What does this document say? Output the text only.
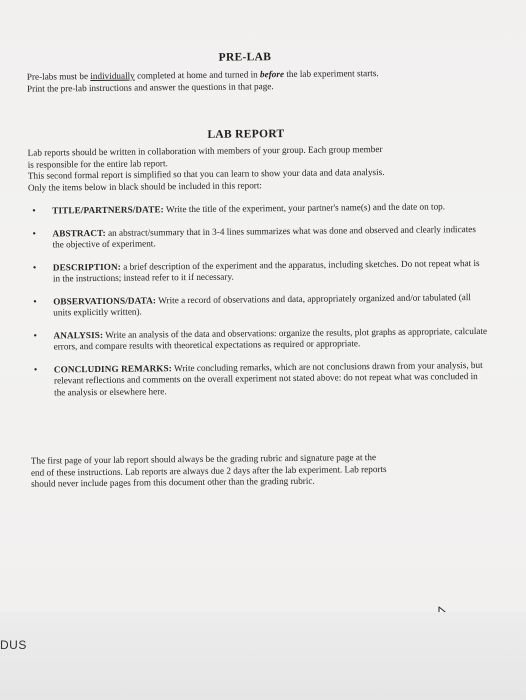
PRE-LAB
Pre-labs must be individually completed at home and turned in before the lab experiment starts.
Print the pre-lab instructions and answer the questions in that page.
LAB REPORT
Lab reports should be written in collaboration with members of your group. Each group member
is responsible for the entire lab report.
This second formal report is simplified so that you can learn to show your data and data analysis.
Only the items below in black should be included in this report:
• TITLE/PARTNERS/DATE: Write the title of the experiment, your partner's name(s) and the date on top.
• ABSTRACT: an abstract/summary that in 3-4 lines summarizes what was done and observed and clearly indicates the objective of experiment.
• DESCRIPTION: a brief description of the experiment and the apparatus, including sketches. Do not repeat what is in the instructions; instead refer to it if necessary.
• OBSERVATIONS/DATA: Write a record of observations and data, appropriately organized and/or tabulated (all units explicitly written).
• ANALYSIS: Write an analysis of the data and observations: organize the results, plot graphs as appropriate, calculate errors, and compare results with theoretical expectations as required or appropriate.
• CONCLUDING REMARKS: Write concluding remarks, which are not conclusions drawn from your analysis, but relevant reflections and comments on the overall experiment not stated above: do not repeat what was concluded in the analysis or elsewhere here.
The first page of your lab report should always be the grading rubric and signature page at the
end of these instructions. Lab reports are always due 2 days after the lab experiment. Lab reports
should never include pages from this document other than the grading rubric.
DUS
